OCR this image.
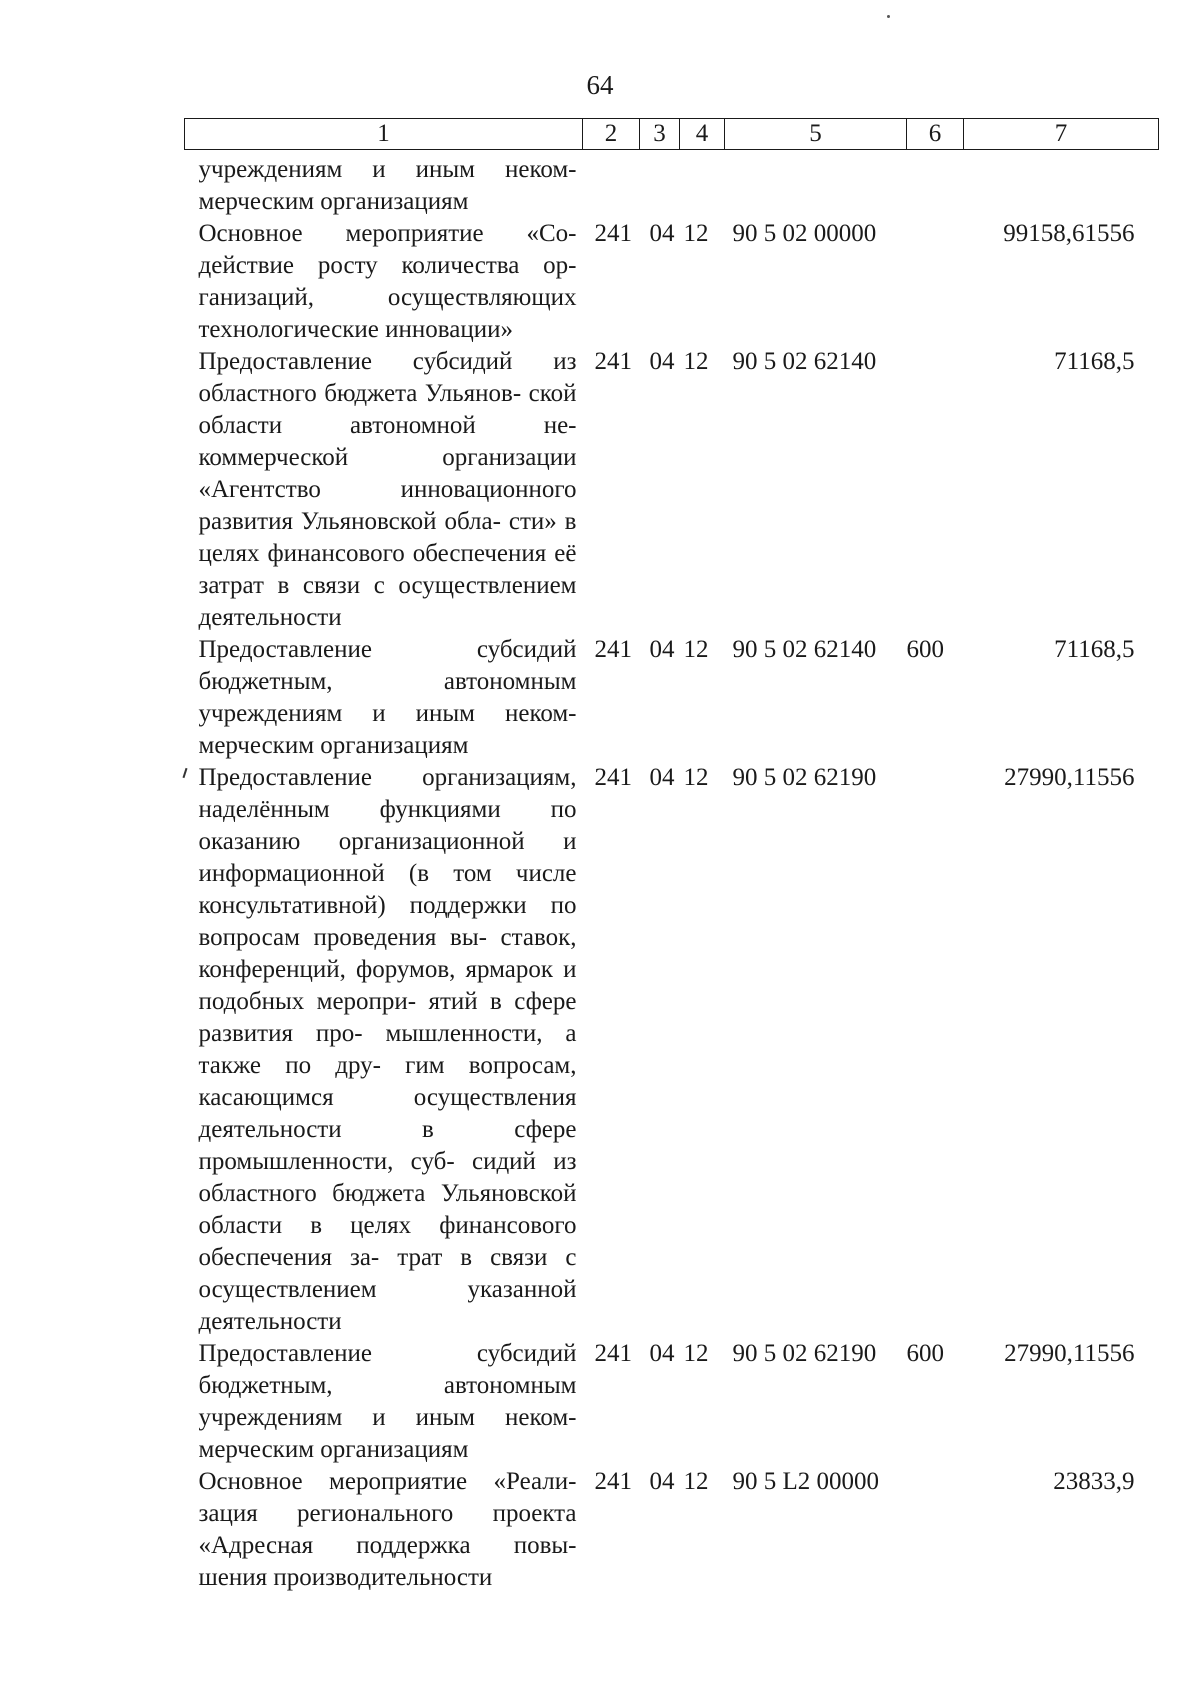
64
1	2	3	4	5	6	7
учреждениям и иным неком- мерческим организациям						
Основное мероприятие «Со- действие росту количества ор- ганизаций, осуществляющих технологические инновации»	241	04	12	90 5 02 00000		99158,61556
Предоставление субсидий из областного бюджета Ульянов- ской области автономной не- коммерческой организации «Агентство инновационного развития Ульяновской обла- сти» в целях финансового обеспечения её затрат в связи с осуществлением деятельности	241	04	12	90 5 02 62140		71168,5
Предоставление субсидий бюджетным, автономным учреждениям и иным неком- мерческим организациям	241	04	12	90 5 02 62140	600	71168,5
Предоставление организациям, наделённым функциями по оказанию организационной и информационной (в том числе консультативной) поддержки по вопросам проведения вы- ставок, конференций, форумов, ярмарок и подобных меропри- ятий в сфере развития про- мышленности, а также по дру- гим вопросам, касающимся осуществления деятельности в сфере промышленности, суб- сидий из областного бюджета Ульяновской области в целях финансового обеспечения за- трат в связи с осуществлением указанной деятельности	241	04	12	90 5 02 62190		27990,11556
Предоставление субсидий бюджетным, автономным учреждениям и иным неком- мерческим организациям	241	04	12	90 5 02 62190	600	27990,11556
Основное мероприятие «Реали- зация регионального проекта «Адресная поддержка повы- шения производительности	241	04	12	90 5 L2 00000		23833,9
